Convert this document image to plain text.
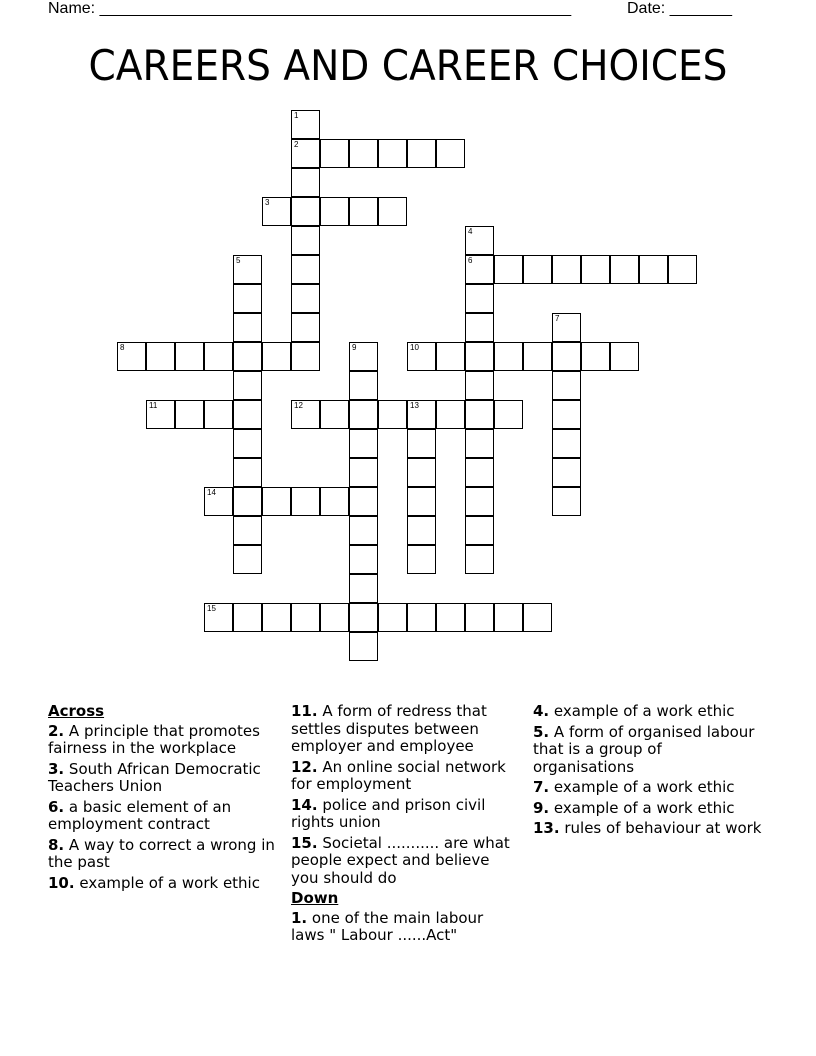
Name: _____________________________________________________	Date: _______
CAREERS AND CAREER CHOICES
1
2
3
4
6
5
7
8	9	10
11	12	13
14
15
Across
2. A principle that promotes fairness in the workplace
3. South African Democratic Teachers Union
6. a basic element of an employment contract
8. A way to correct a wrong in the past
10. example of a work ethic
11. A form of redress that settles disputes between employer and employee
12. An online social network for employment
14. police and prison civil rights union
15. Societal ........... are what people expect and believe you should do
Down
1. one of the main labour laws " Labour ......Act"
4. example of a work ethic
5. A form of organised labour that is a group of organisations
7. example of a work ethic
9. example of a work ethic
13. rules of behaviour at work
